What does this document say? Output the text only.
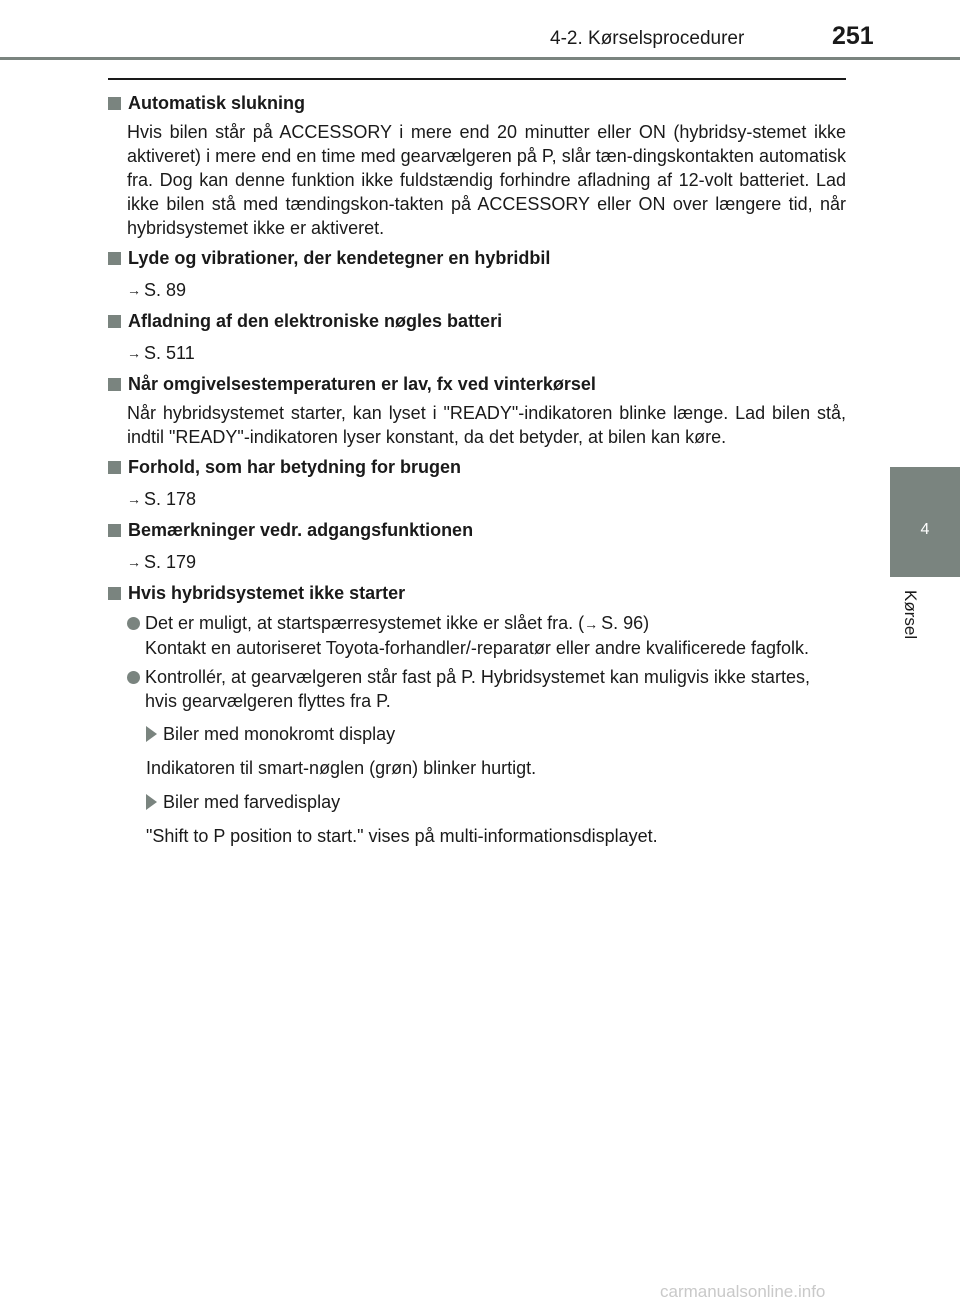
4-2. Kørselsprocedurer	251
4
Kørsel
Automatisk slukning
Hvis bilen står på ACCESSORY i mere end 20 minutter eller ON (hybridsy-stemet ikke aktiveret) i mere end en time med gearvælgeren på P, slår tæn-dingskontakten automatisk fra. Dog kan denne funktion ikke fuldstændig forhindre afladning af 12-volt batteriet. Lad ikke bilen stå med tændingskon-takten på ACCESSORY eller ON over længere tid, når hybridsystemet ikke er aktiveret.
Lyde og vibrationer, der kendetegner en hybridbil
→ S. 89
Afladning af den elektroniske nøgles batteri
→ S. 511
Når omgivelsestemperaturen er lav, fx ved vinterkørsel
Når hybridsystemet starter, kan lyset i "READY"-indikatoren blinke længe. Lad bilen stå, indtil "READY"-indikatoren lyser konstant, da det betyder, at bilen kan køre.
Forhold, som har betydning for brugen
→ S. 178
Bemærkninger vedr. adgangsfunktionen
→ S. 179
Hvis hybridsystemet ikke starter
Det er muligt, at startspærresystemet ikke er slået fra. (→ S. 96)
Kontakt en autoriseret Toyota-forhandler/-reparatør eller andre kvalificerede fagfolk.
Kontrollér, at gearvælgeren står fast på P. Hybridsystemet kan muligvis ikke startes, hvis gearvælgeren flyttes fra P.
Biler med monokromt display
Indikatoren til smart-nøglen (grøn) blinker hurtigt.
Biler med farvedisplay
"Shift to P position to start." vises på multi-informationsdisplayet.
carmanualsonline.info
